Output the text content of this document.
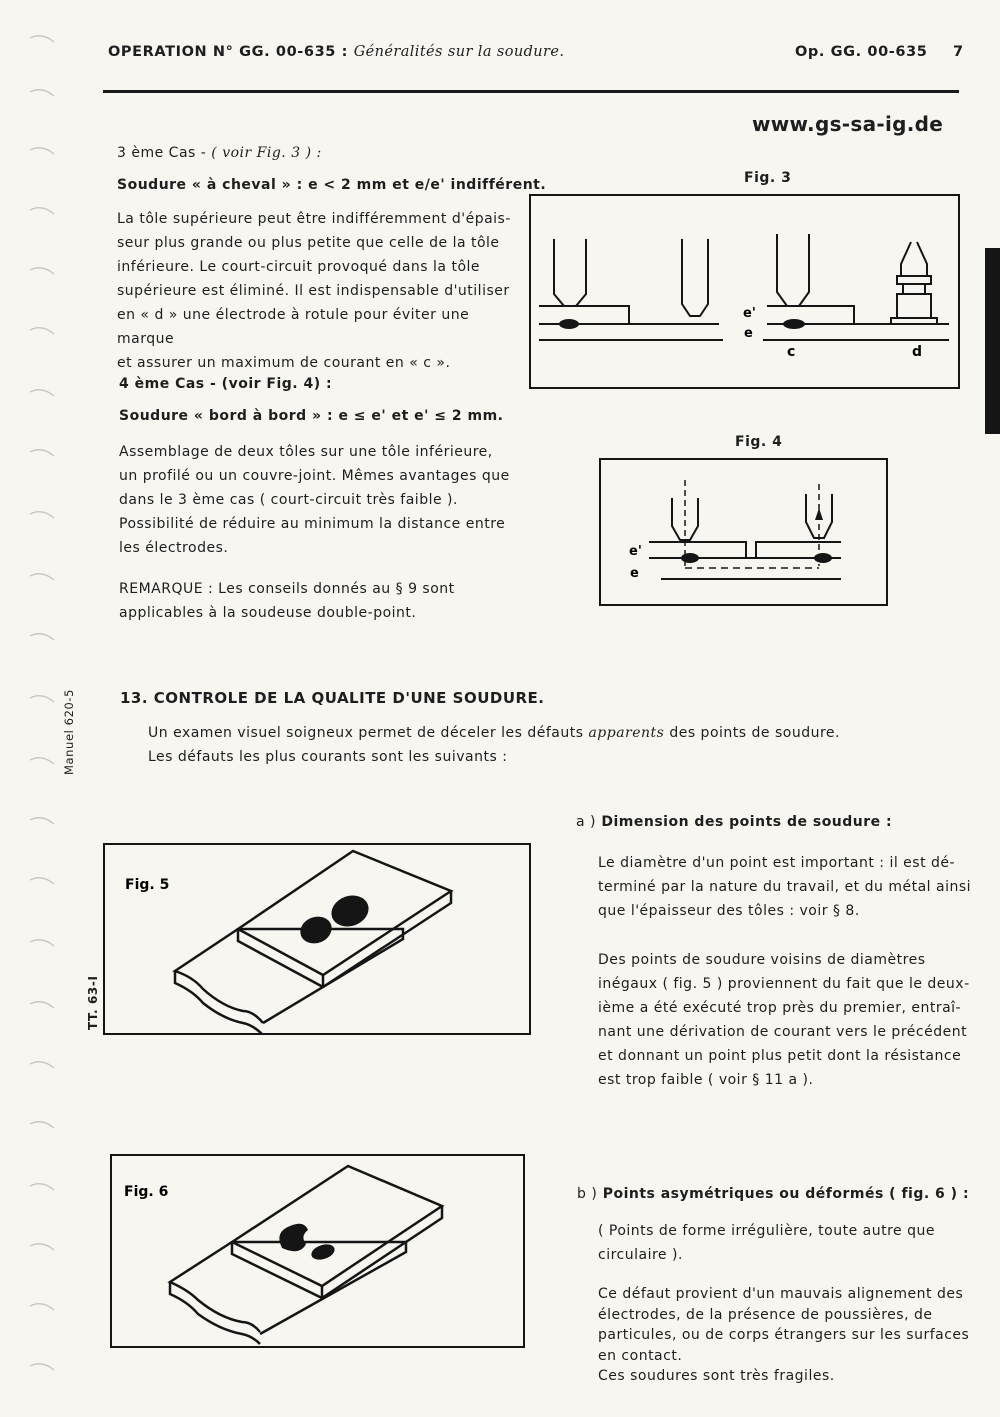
OPERATION N° GG. 00-635 : Généralités sur la soudure.	Op. GG. 00-635 7
www.gs-sa-ig.de
Manuel 620-5
TT. 63-I
3 ème Cas - ( voir Fig. 3 ) :
Soudure « à cheval » : e < 2 mm et e/e' indifférent.

La tôle supérieure peut être indifféremment d'épais-

seur plus grande ou plus petite que celle de la tôle

inférieure. Le court-circuit provoqué dans la tôle

supérieure est éliminé. Il est indispensable d'utiliser

en « d » une électrode à rotule pour éviter une marque

et assurer un maximum de courant en « c ».

4 ème Cas - (voir Fig. 4) :
Soudure « bord à bord » : e ≤ e' et e' ≤ 2 mm.

Assemblage de deux tôles sur une tôle inférieure,

un profilé ou un couvre-joint. Mêmes avantages que

dans le 3 ème cas ( court-circuit très faible ).

Possibilité de réduire au minimum la distance entre

les électrodes.

REMARQUE : Les conseils donnés au § 9 sont

applicables à la soudeuse double-point.

Fig. 3
e'
e
c	d
Fig. 4
e'
e
13. CONTROLE DE LA QUALITE D'UNE SOUDURE.

Un examen visuel soigneux permet de déceler les défauts apparents des points de soudure.

Les défauts les plus courants sont les suivants :

a ) Dimension des points de soudure :

Le diamètre d'un point est important : il est dé-

terminé par la nature du travail, et du métal ainsi

que l'épaisseur des tôles : voir § 8.

Des points de soudure voisins de diamètres

inégaux ( fig. 5 ) proviennent du fait que le deux-

ième a été exécuté trop près du premier, entraî-

nant une dérivation de courant vers le précédent

et donnant un point plus petit dont la résistance

est trop faible ( voir § 11 a ).

Fig. 5
b ) Points asymétriques ou déformés ( fig. 6 ) :

( Points de forme irrégulière, toute autre que

circulaire ).

Ce défaut provient d'un mauvais alignement des

électrodes, de la présence de poussières, de

particules, ou de corps étrangers sur les surfaces

en contact.

Ces soudures sont très fragiles.

Fig. 6
